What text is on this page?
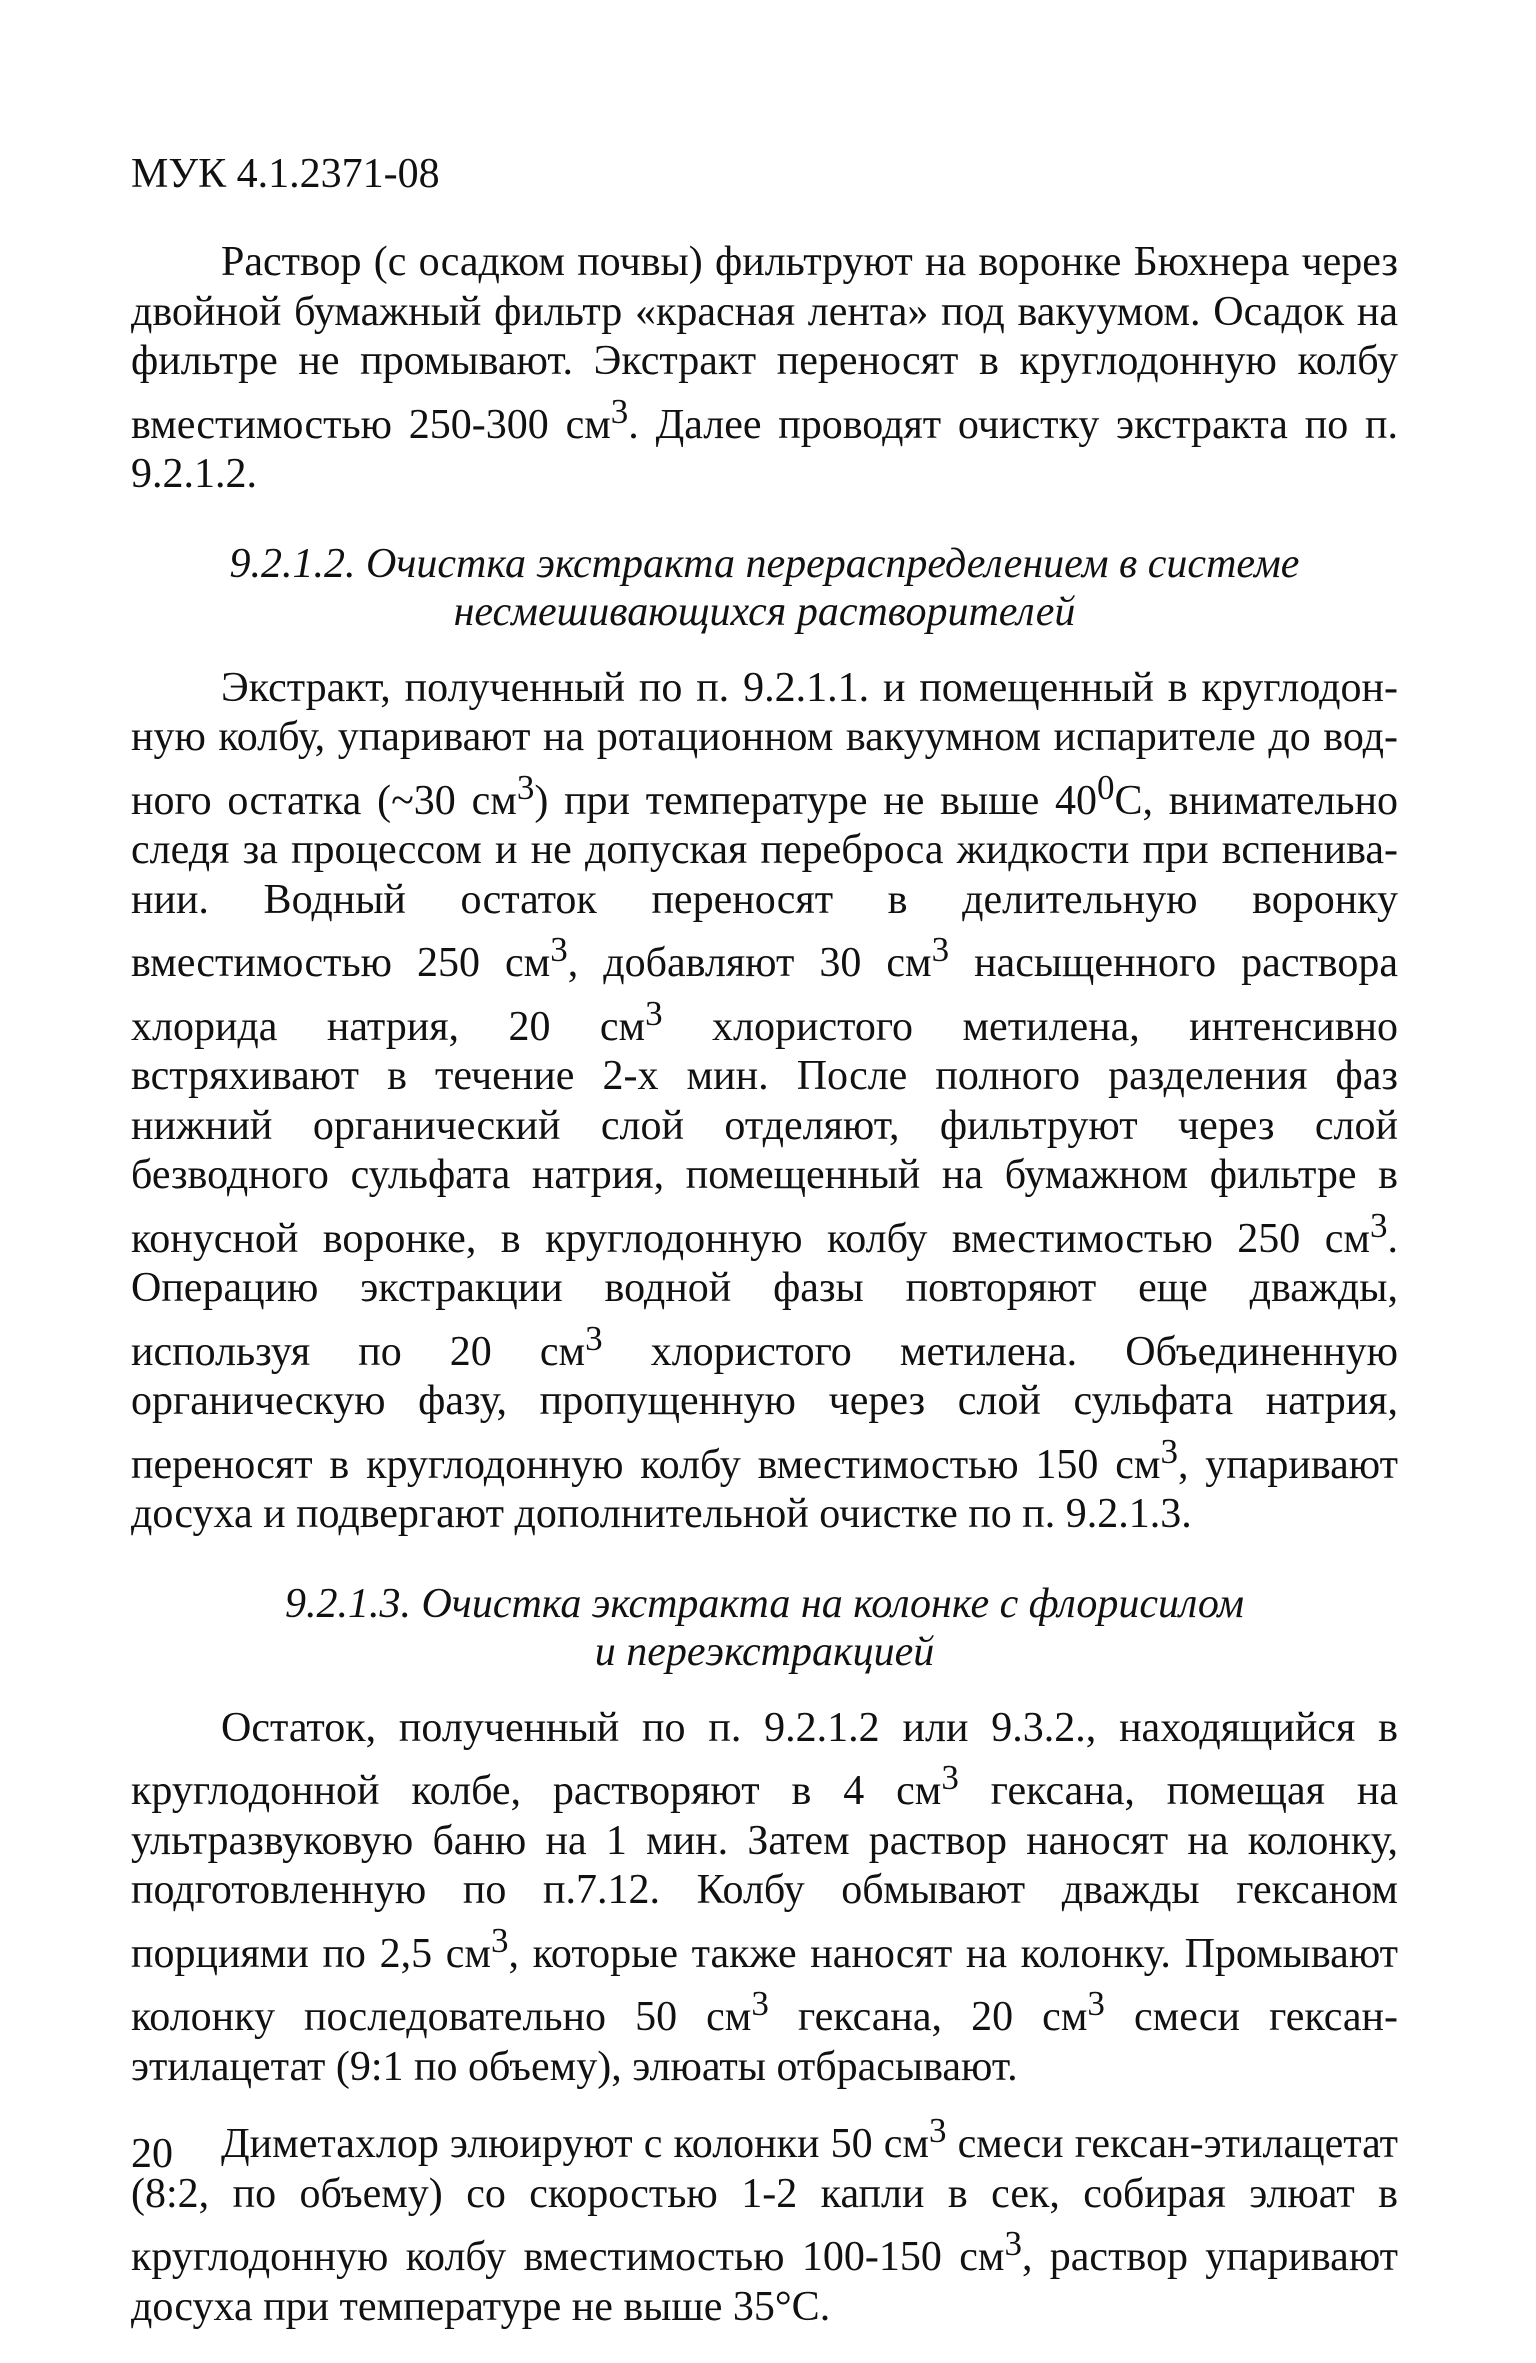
МУК 4.1.2371-08

Раствор (с осадком почвы) фильтруют на воронке Бюхнера через двойной бумажный фильтр «красная лента» под вакуумом. Осадок на фильтре не промывают. Экстракт переносят в круглодонную колбу вместимостью 250-300 $см^3$. Далее проводят очистку экстракта по п. 9.2.1.2.

9.2.1.2. Очистка экстракта перераспределением в системе
несмешивающихся растворителей

Экстракт, полученный по п. 9.2.1.1. и помещенный в круглодонную колбу, упаривают на ротационном вакуумном испарителе до водного остатка (~30 $см^3$) при температуре не выше $40^0С$, внимательно следя за процессом и не допуская переброса жидкости при вспенивании. Водный остаток переносят в делительную воронку вместимостью 250 $см^3$, добавляют 30 $см^3$ насыщенного раствора хлорида натрия, 20 $см^3$ хлористого метилена, интенсивно встряхивают в течение 2-х мин. После полного разделения фаз нижний органический слой отделяют, фильтруют через слой безводного сульфата натрия, помещенный на бумажном фильтре в конусной воронке, в круглодонную колбу вместимостью 250 $см^3$. Операцию экстракции водной фазы повторяют еще дважды, используя по 20 $см^3$ хлористого метилена. Объединенную органическую фазу, пропущенную через слой сульфата натрия, переносят в круглодонную колбу вместимостью 150 $см^3$, упаривают досуха и подвергают дополнительной очистке по п. 9.2.1.3.

9.2.1.3. Очистка экстракта на колонке с флорисилом
и переэкстракцией

Остаток, полученный по п. 9.2.1.2 или 9.3.2., находящийся в круглодонной колбе, растворяют в 4 $см^3$ гексана, помещая на ультразвуковую баню на 1 мин. Затем раствор наносят на колонку, подготовленную по п.7.12. Колбу обмывают дважды гексаном порциями по 2,5 $см^3$, которые также наносят на колонку. Промывают колонку последовательно 50 $см^3$ гексана, 20 $см^3$ смеси гексан-этилацетат (9:1 по объему), элюаты отбрасывают.

Диметахлор элюируют с колонки 50 $см^3$ смеси гексан-этилацетат (8:2, по объему) со скоростью 1-2 капли в сек, собирая элюат в круглодонную колбу вместимостью 100-150 $см^3$, раствор упаривают досуха при температуре не выше 35°С.

20
